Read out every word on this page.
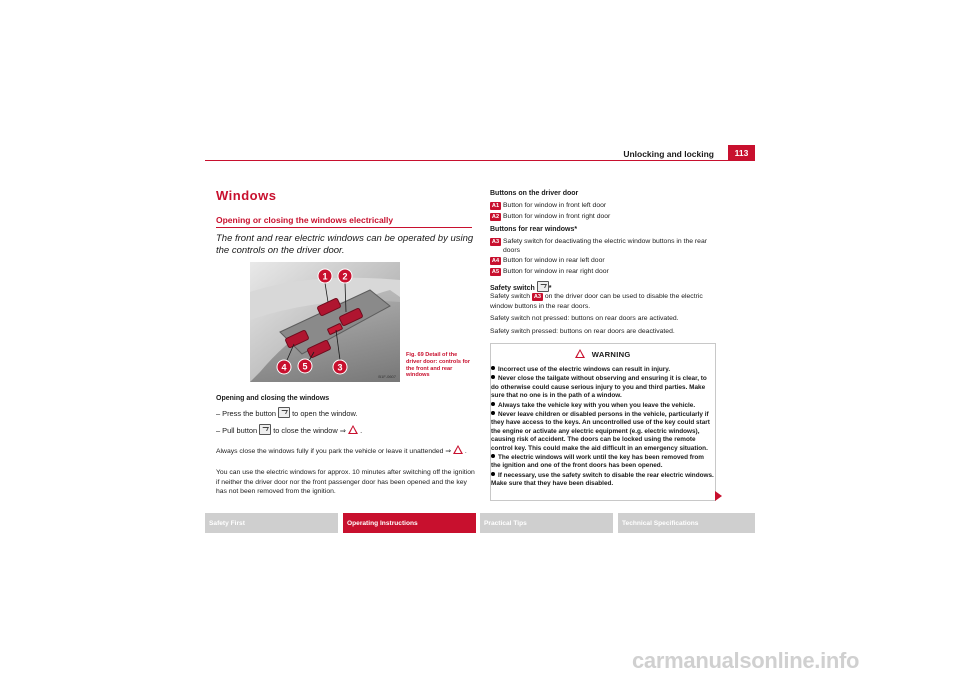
Unlocking and locking	113
Windows
Opening or closing the windows electrically
The front and rear electric windows can be operated by using the controls on the driver door.
1 2
3
4 5
B1F-0607
Fig. 69 Detail of the driver door: controls for the front and rear windows
Opening and closing the windows
– Press the button to open the window.
– Pull button to close the window ⇒ .
Always close the windows fully if you park the vehicle or leave it unattended ⇒ .
You can use the electric windows for approx. 10 minutes after switching off the ignition if neither the driver door nor the front passenger door has been opened and the key has not been removed from the ignition.
Buttons on the driver door
A1 Button for window in front left door
A2 Button for window in front right door
Buttons for rear windows*
A3 Safety switch for deactivating the electric window buttons in the rear
doors
A4 Button for window in rear left door
A5 Button for window in rear right door
Safety switch *
Safety switch A3 on the driver door can be used to disable the electric
window buttons in the rear doors.
Safety switch not pressed: buttons on rear doors are activated.
Safety switch pressed: buttons on rear doors are deactivated.
WARNING

Incorrect use of the electric windows can result in injury.

Never close the tailgate without observing and ensuring it is clear, to do otherwise could cause serious injury to you and third parties. Make sure that no one is in the path of a window.

Always take the vehicle key with you when you leave the vehicle.

Never leave children or disabled persons in the vehicle, particularly if they have access to the keys. An uncontrolled use of the key could start the engine or activate any electric equipment (e.g. electric windows), causing risk of accident. The doors can be locked using the remote control key. This could make the aid difficult in an emergency situation.

The electric windows will work until the key has been removed from the ignition and one of the front doors has been opened.

If necessary, use the safety switch to disable the rear electric windows. Make sure that they have been disabled.

Safety First	Operating Instructions	Practical Tips	Technical Specifications
carmanualsonline.info
